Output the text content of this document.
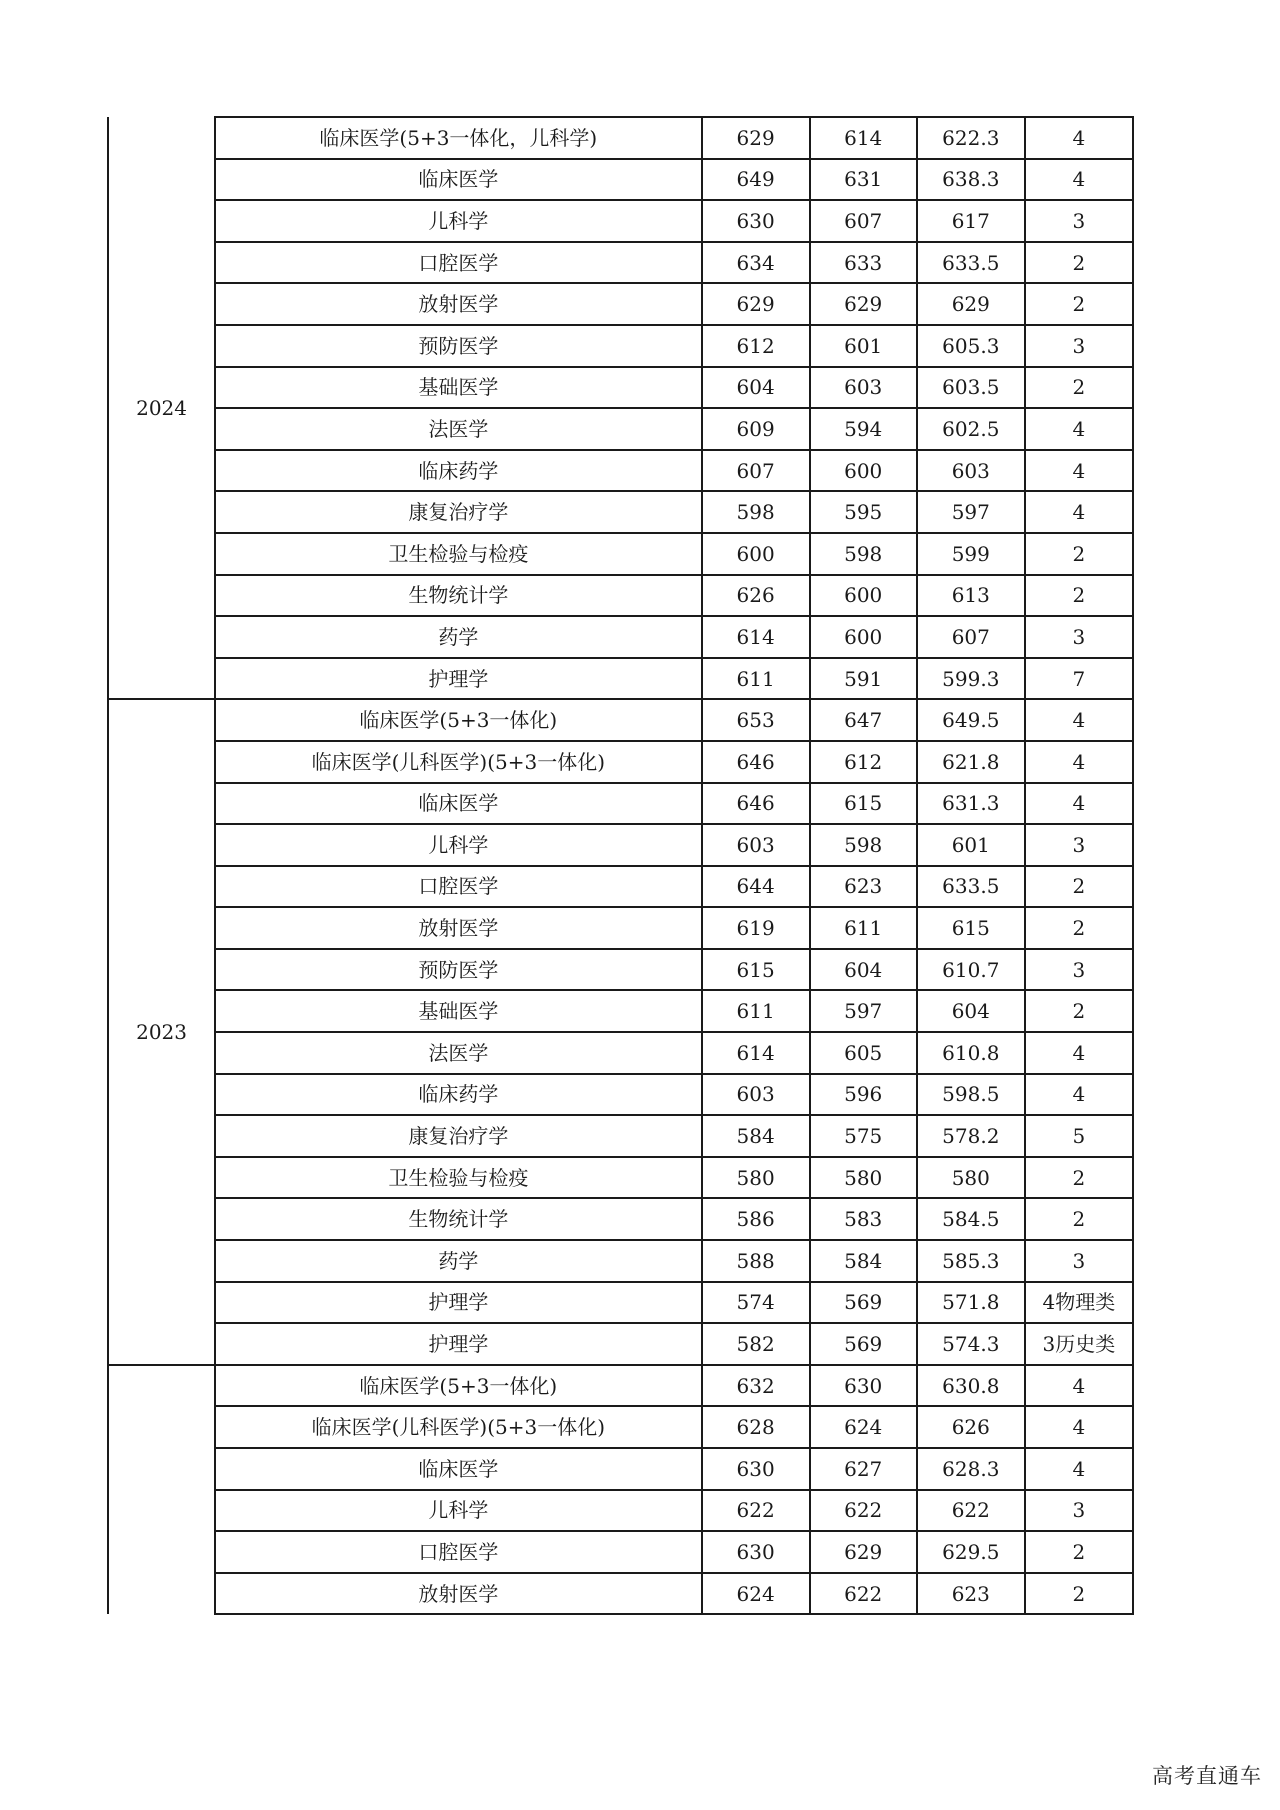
2024	临床医学(5+3一体化，儿科学)	629	614	622.3	4
	临床医学	649	631	638.3	4
	儿科学	630	607	617	3
	口腔医学	634	633	633.5	2
	放射医学	629	629	629	2
	预防医学	612	601	605.3	3
	基础医学	604	603	603.5	2
	法医学	609	594	602.5	4
	临床药学	607	600	603	4
	康复治疗学	598	595	597	4
	卫生检验与检疫	600	598	599	2
	生物统计学	626	600	613	2
	药学	614	600	607	3
	护理学	611	591	599.3	7
2023	临床医学(5+3一体化)	653	647	649.5	4
	临床医学(儿科医学)(5+3一体化)	646	612	621.8	4
	临床医学	646	615	631.3	4
	儿科学	603	598	601	3
	口腔医学	644	623	633.5	2
	放射医学	619	611	615	2
	预防医学	615	604	610.7	3
	基础医学	611	597	604	2
	法医学	614	605	610.8	4
	临床药学	603	596	598.5	4
	康复治疗学	584	575	578.2	5
	卫生检验与检疫	580	580	580	2
	生物统计学	586	583	584.5	2
	药学	588	584	585.3	3
	护理学	574	569	571.8	4物理类
	护理学	582	569	574.3	3历史类
	临床医学(5+3一体化)	632	630	630.8	4
	临床医学(儿科医学)(5+3一体化)	628	624	626	4
	临床医学	630	627	628.3	4
	儿科学	622	622	622	3
	口腔医学	630	629	629.5	2
	放射医学	624	622	623	2
高考直通车
